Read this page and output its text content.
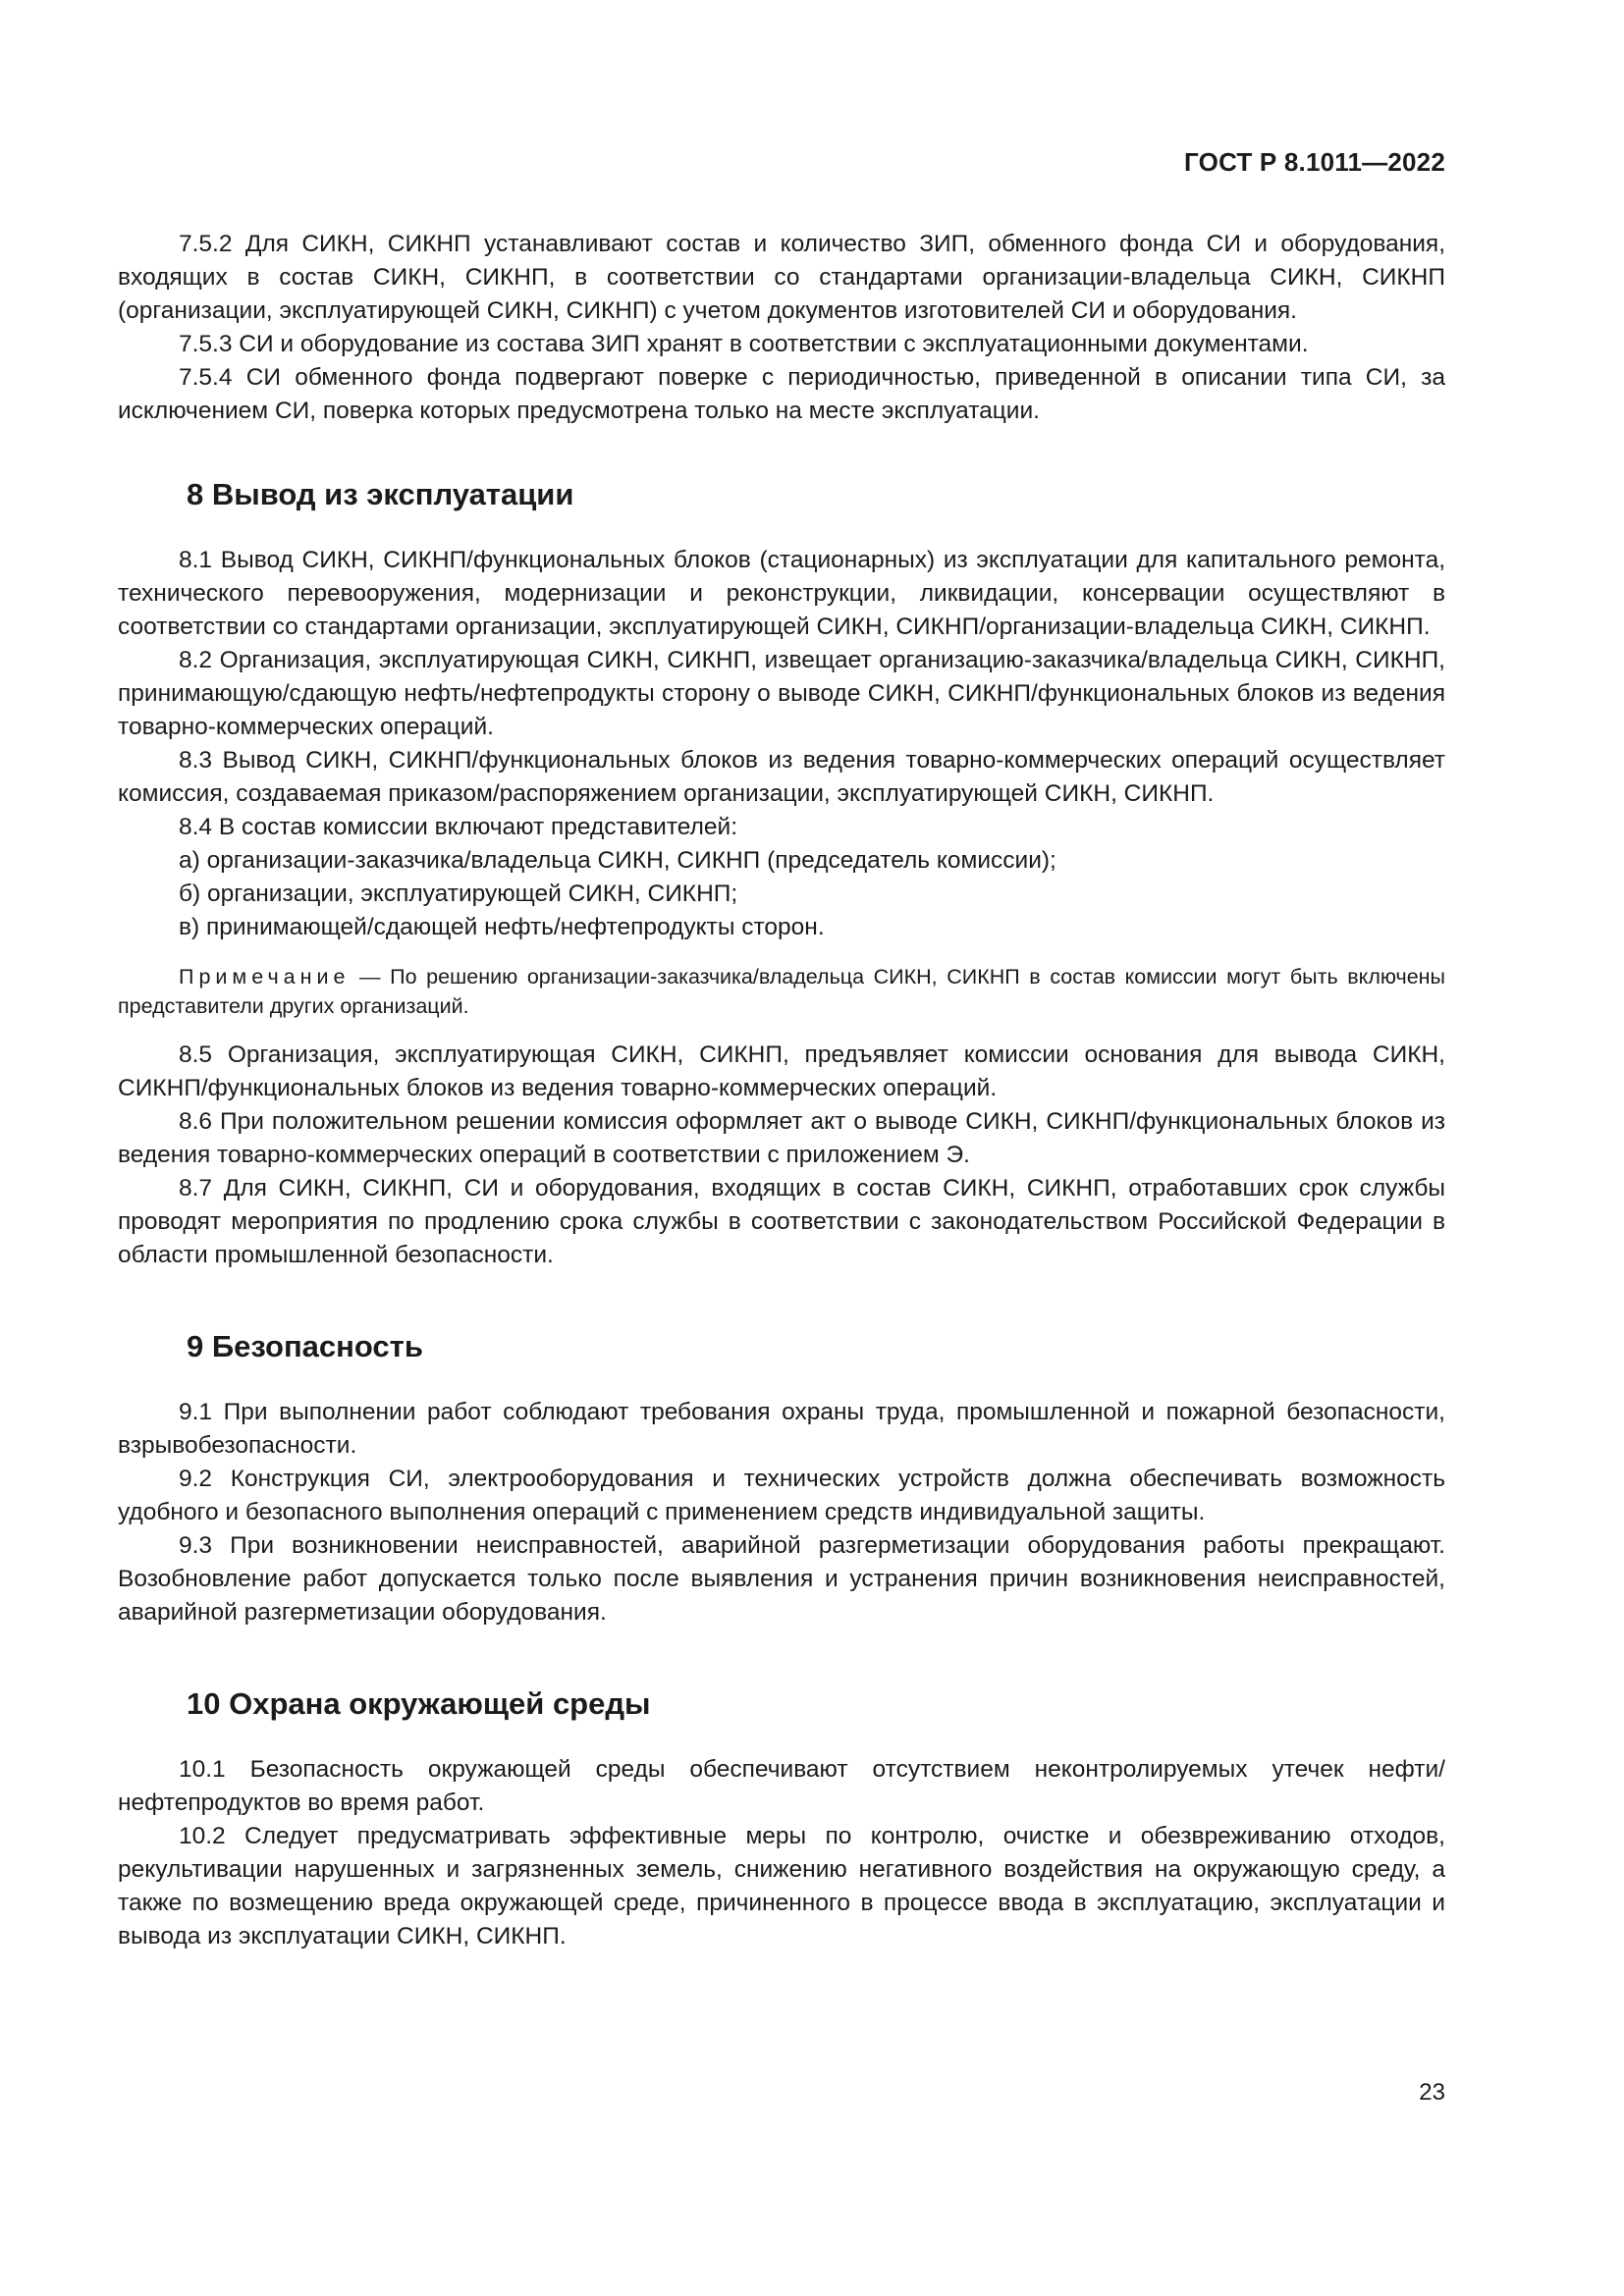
ГОСТ Р 8.1011—2022

7.5.2 Для СИКН, СИКНП устанавливают состав и количество ЗИП, обменного фонда СИ и оборудования, входящих в состав СИКН, СИКНП, в соответствии со стандартами организации-владельца СИКН, СИКНП (организации, эксплуатирующей СИКН, СИКНП) с учетом документов изготовителей СИ и оборудования.

7.5.3 СИ и оборудование из состава ЗИП хранят в соответствии с эксплуатационными документами.

7.5.4 СИ обменного фонда подвергают поверке с периодичностью, приведенной в описании типа СИ, за исключением СИ, поверка которых предусмотрена только на месте эксплуатации.

8 Вывод из эксплуатации

8.1 Вывод СИКН, СИКНП/функциональных блоков (стационарных) из эксплуатации для капитального ремонта, технического перевооружения, модернизации и реконструкции, ликвидации, консервации осуществляют в соответствии со стандартами организации, эксплуатирующей СИКН, СИКНП/организации-владельца СИКН, СИКНП.

8.2 Организация, эксплуатирующая СИКН, СИКНП, извещает организацию-заказчика/владельца СИКН, СИКНП, принимающую/сдающую нефть/нефтепродукты сторону о выводе СИКН, СИКНП/функциональных блоков из ведения товарно-коммерческих операций.

8.3 Вывод СИКН, СИКНП/функциональных блоков из ведения товарно-коммерческих операций осуществляет комиссия, создаваемая приказом/распоряжением организации, эксплуатирующей СИКН, СИКНП.

8.4 В состав комиссии включают представителей:

а) организации-заказчика/владельца СИКН, СИКНП (председатель комиссии);

б) организации, эксплуатирующей СИКН, СИКНП;

в) принимающей/сдающей нефть/нефтепродукты сторон.

Примечание — По решению организации-заказчика/владельца СИКН, СИКНП в состав комиссии могут быть включены представители других организаций.

8.5 Организация, эксплуатирующая СИКН, СИКНП, предъявляет комиссии основания для вывода СИКН, СИКНП/функциональных блоков из ведения товарно-коммерческих операций.

8.6 При положительном решении комиссия оформляет акт о выводе СИКН, СИКНП/функциональных блоков из ведения товарно-коммерческих операций в соответствии с приложением Э.

8.7 Для СИКН, СИКНП, СИ и оборудования, входящих в состав СИКН, СИКНП, отработавших срок службы проводят мероприятия по продлению срока службы в соответствии с законодательством Российской Федерации в области промышленной безопасности.

9 Безопасность

9.1 При выполнении работ соблюдают требования охраны труда, промышленной и пожарной безопасности, взрывобезопасности.

9.2 Конструкция СИ, электрооборудования и технических устройств должна обеспечивать возможность удобного и безопасного выполнения операций с применением средств индивидуальной защиты.

9.3 При возникновении неисправностей, аварийной разгерметизации оборудования работы прекращают. Возобновление работ допускается только после выявления и устранения причин возникновения неисправностей, аварийной разгерметизации оборудования.

10 Охрана окружающей среды

10.1 Безопасность окружающей среды обеспечивают отсутствием неконтролируемых утечек нефти/нефтепродуктов во время работ.

10.2 Следует предусматривать эффективные меры по контролю, очистке и обезвреживанию отходов, рекультивации нарушенных и загрязненных земель, снижению негативного воздействия на окружающую среду, а также по возмещению вреда окружающей среде, причиненного в процессе ввода в эксплуатацию, эксплуатации и вывода из эксплуатации СИКН, СИКНП.

23
